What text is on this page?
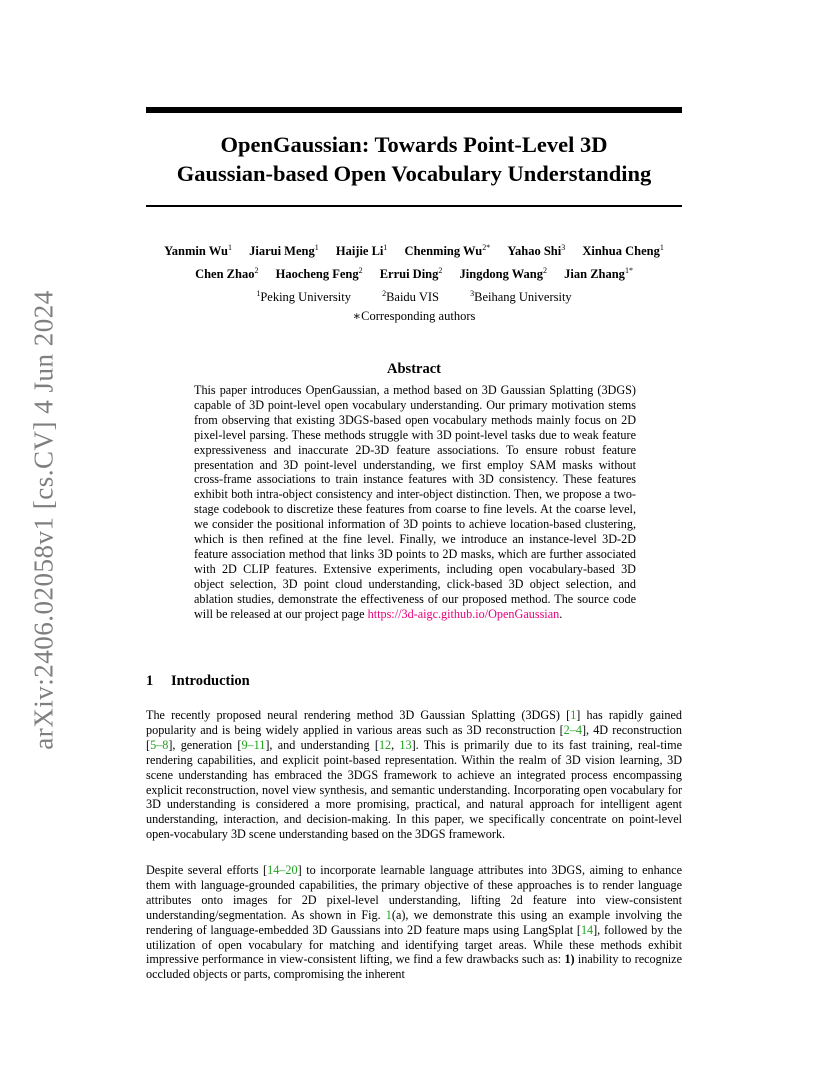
arXiv:2406.02058v1 [cs.CV] 4 Jun 2024
OpenGaussian: Towards Point-Level 3D
Gaussian-based Open Vocabulary Understanding
Yanmin Wu$^1$ Jiarui Meng$^1$ Haijie Li$^1$ Chenming $Wu^{2*}$ Yahao Shi$^3$ Xinhua Cheng$^1$
Chen Zhao$^2$ Haocheng Feng$^2$ Errui Ding$^2$ Jingdong Wang$^2$ Jian Zhang$^{1*}$
$^1$Peking University	$^2$Baidu VIS	$^3$Beihang University
∗Corresponding authors
Abstract
This paper introduces OpenGaussian, a method based on 3D Gaussian Splatting (3DGS) capable of 3D point-level open vocabulary understanding. Our primary motivation stems from observing that existing 3DGS-based open vocabulary methods mainly focus on 2D pixel-level parsing. These methods struggle with 3D point-level tasks due to weak feature expressiveness and inaccurate 2D-3D feature associations. To ensure robust feature presentation and 3D point-level understanding, we first employ SAM masks without cross-frame associations to train instance features with 3D consistency. These features exhibit both intra-object consistency and inter-object distinction. Then, we propose a two-stage codebook to discretize these features from coarse to fine levels. At the coarse level, we consider the positional information of 3D points to achieve location-based clustering, which is then refined at the fine level. Finally, we introduce an instance-level 3D-2D feature association method that links 3D points to 2D masks, which are further associated with 2D CLIP features. Extensive experiments, including open vocabulary-based 3D object selection, 3D point cloud understanding, click-based 3D object selection, and ablation studies, demonstrate the effectiveness of our proposed method. The source code will be released at our project page https://3d-aigc.github.io/OpenGaussian.
1 Introduction
The recently proposed neural rendering method 3D Gaussian Splatting (3DGS) [1] has rapidly gained popularity and is being widely applied in various areas such as 3D reconstruction [2–4], 4D reconstruction [5–8], generation [9–11], and understanding [12, 13]. This is primarily due to its fast training, real-time rendering capabilities, and explicit point-based representation. Within the realm of 3D vision learning, 3D scene understanding has embraced the 3DGS framework to achieve an integrated process encompassing explicit reconstruction, novel view synthesis, and semantic understanding. Incorporating open vocabulary for 3D understanding is considered a more promising, practical, and natural approach for intelligent agent understanding, interaction, and decision-making. In this paper, we specifically concentrate on point-level open-vocabulary 3D scene understanding based on the 3DGS framework.
Despite several efforts [14–20] to incorporate learnable language attributes into 3DGS, aiming to enhance them with language-grounded capabilities, the primary objective of these approaches is to render language attributes onto images for 2D pixel-level understanding, lifting 2d feature into view-consistent understanding/segmentation. As shown in Fig. 1(a), we demonstrate this using an example involving the rendering of language-embedded 3D Gaussians into 2D feature maps using LangSplat [14], followed by the utilization of open vocabulary for matching and identifying target areas. While these methods exhibit impressive performance in view-consistent lifting, we find a few drawbacks such as: 1) inability to recognize occluded objects or parts, compromising the inherent
